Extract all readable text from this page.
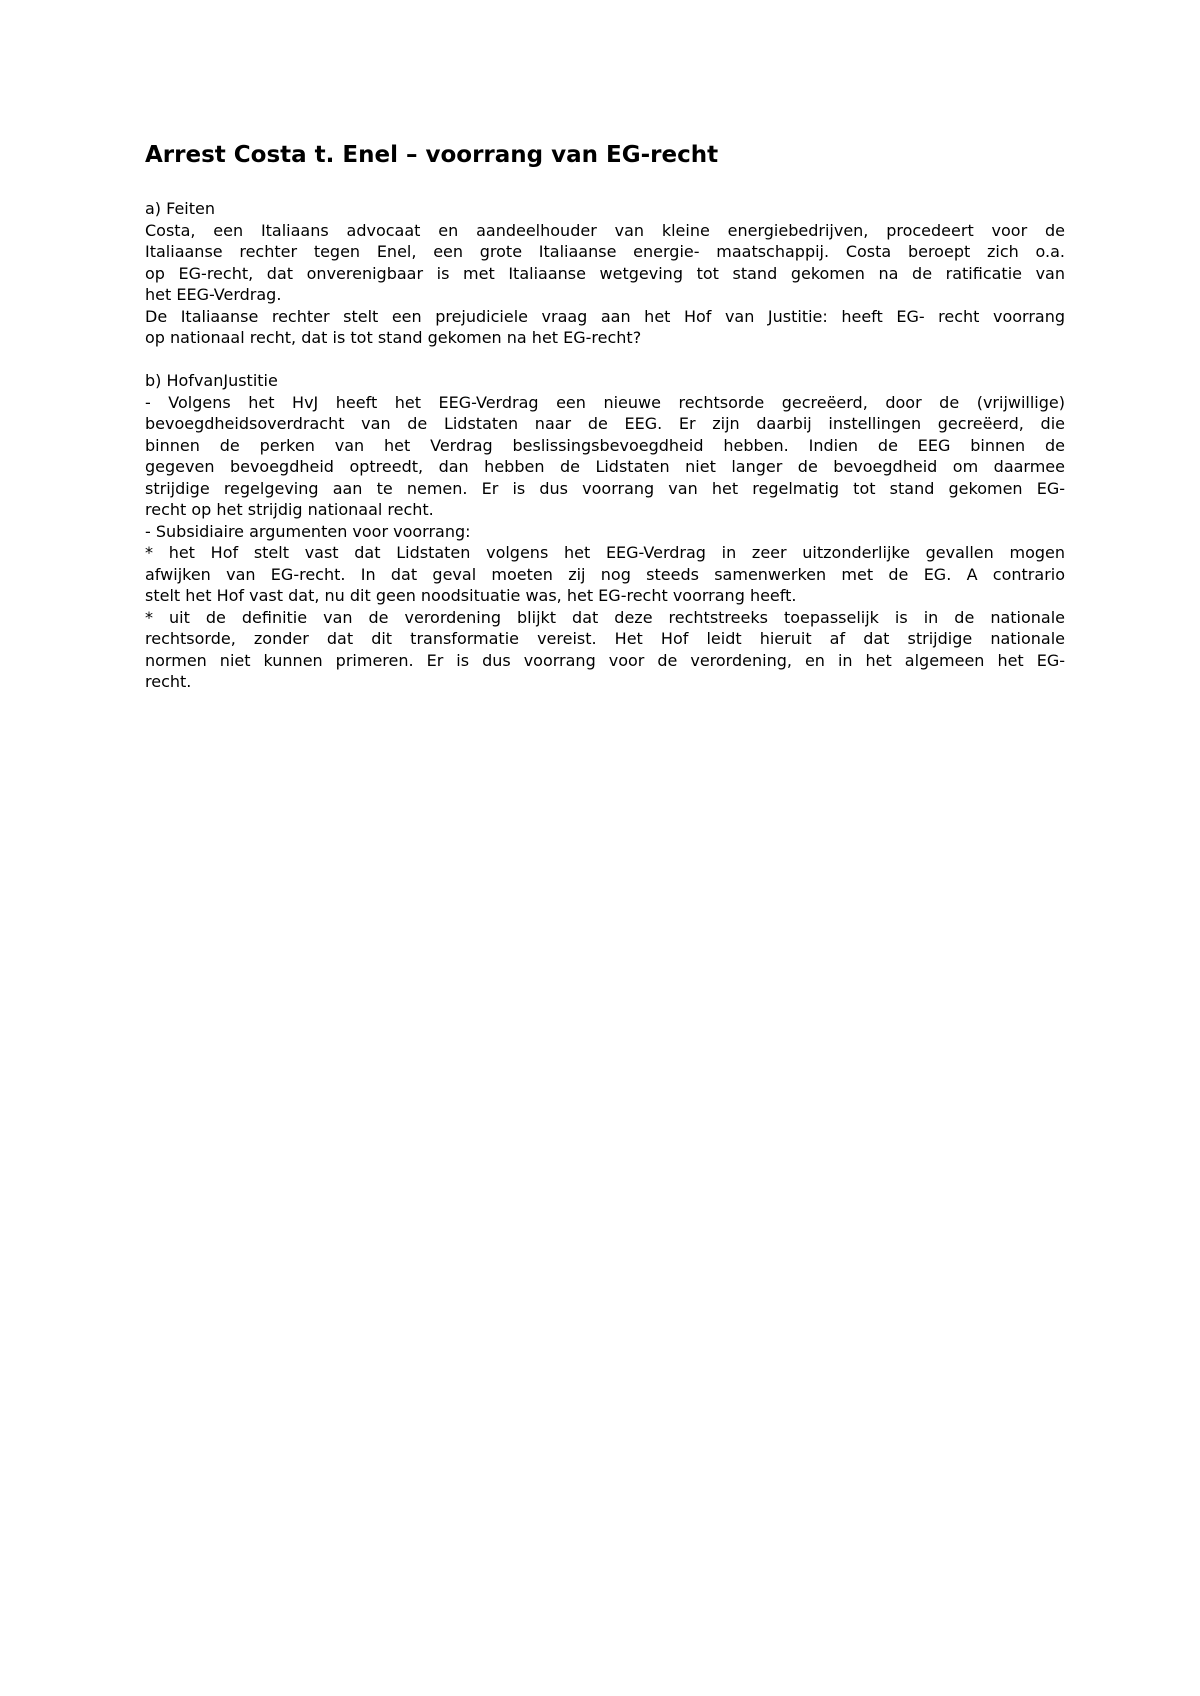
Arrest Costa t. Enel – voorrang van EG-recht
a) Feiten
Costa, een Italiaans advocaat en aandeelhouder van kleine energiebedrijven, procedeert voor de
Italiaanse rechter tegen Enel, een grote Italiaanse energie- maatschappij. Costa beroept zich o.a.
op EG-recht, dat onverenigbaar is met Italiaanse wetgeving tot stand gekomen na de ratificatie van
het EEG-Verdrag.
De Italiaanse rechter stelt een prejudiciele vraag aan het Hof van Justitie: heeft EG- recht voorrang
op nationaal recht, dat is tot stand gekomen na het EG-recht?
b) HofvanJustitie
- Volgens het HvJ heeft het EEG-Verdrag een nieuwe rechtsorde gecreëerd, door de (vrijwillige)
bevoegdheidsoverdracht van de Lidstaten naar de EEG. Er zijn daarbij instellingen gecreëerd, die
binnen de perken van het Verdrag beslissingsbevoegdheid hebben. Indien de EEG binnen de
gegeven bevoegdheid optreedt, dan hebben de Lidstaten niet langer de bevoegdheid om daarmee
strijdige regelgeving aan te nemen. Er is dus voorrang van het regelmatig tot stand gekomen EG-
recht op het strijdig nationaal recht.
- Subsidiaire argumenten voor voorrang:
* het Hof stelt vast dat Lidstaten volgens het EEG-Verdrag in zeer uitzonderlijke gevallen mogen
afwijken van EG-recht. In dat geval moeten zij nog steeds samenwerken met de EG. A contrario
stelt het Hof vast dat, nu dit geen noodsituatie was, het EG-recht voorrang heeft.
* uit de definitie van de verordening blijkt dat deze rechtstreeks toepasselijk is in de nationale
rechtsorde, zonder dat dit transformatie vereist. Het Hof leidt hieruit af dat strijdige nationale
normen niet kunnen primeren. Er is dus voorrang voor de verordening, en in het algemeen het EG-
recht.
